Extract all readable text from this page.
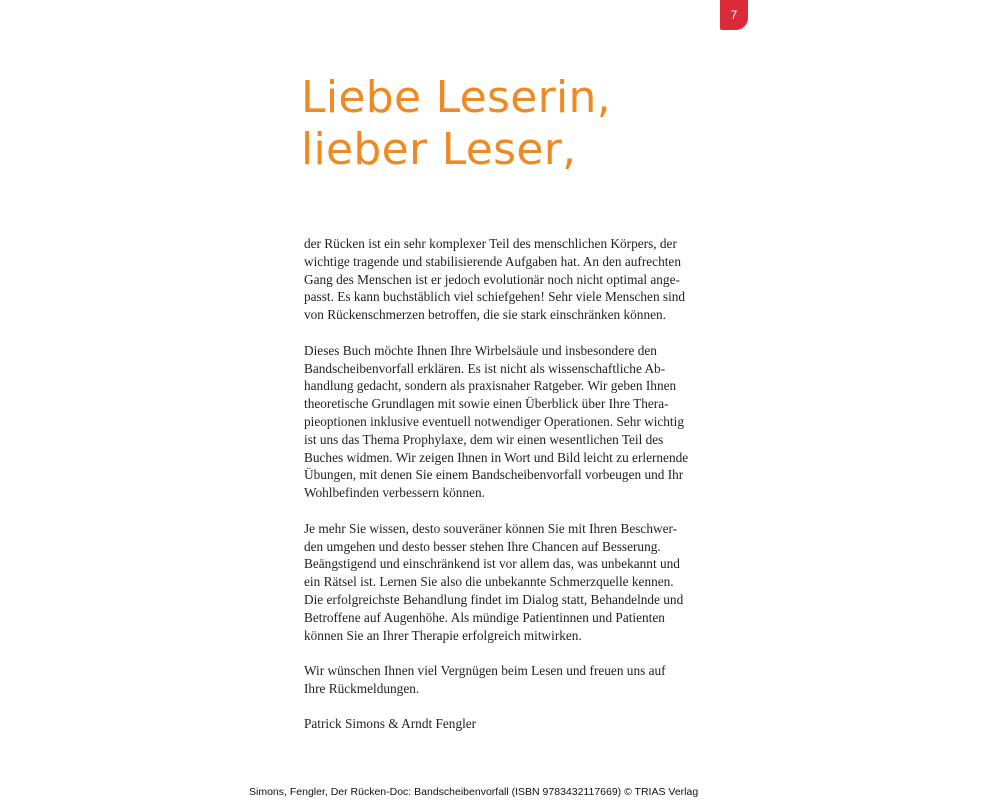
7
Liebe Leserin,
lieber Leser,

der Rücken ist ein sehr komplexer Teil des menschlichen Körpers, der
wichtige tragende und stabilisierende Aufgaben hat. An den aufrechten
Gang des Menschen ist er jedoch evolutionär noch nicht optimal ange-
passt. Es kann buchstäblich viel schiefgehen! Sehr viele Menschen sind
von Rückenschmerzen betroffen, die sie stark einschränken können.

Dieses Buch möchte Ihnen Ihre Wirbelsäule und insbesondere den
Bandscheibenvorfall erklären. Es ist nicht als wissenschaftliche Ab-
handlung gedacht, sondern als praxisnaher Ratgeber. Wir geben Ihnen
theoretische Grundlagen mit sowie einen Überblick über Ihre Thera-
pieoptionen inklusive eventuell notwendiger Operationen. Sehr wichtig
ist uns das Thema Prophylaxe, dem wir einen wesentlichen Teil des
Buches widmen. Wir zeigen Ihnen in Wort und Bild leicht zu erlernende
Übungen, mit denen Sie einem Bandscheibenvorfall vorbeugen und Ihr
Wohlbefinden verbessern können.

Je mehr Sie wissen, desto souveräner können Sie mit Ihren Beschwer-
den umgehen und desto besser stehen Ihre Chancen auf Besserung.
Beängstigend und einschränkend ist vor allem das, was unbekannt und
ein Rätsel ist. Lernen Sie also die unbekannte Schmerzquelle kennen.
Die erfolgreichste Behandlung findet im Dialog statt, Behandelnde und
Betroffene auf Augenhöhe. Als mündige Patientinnen und Patienten
können Sie an Ihrer Therapie erfolgreich mitwirken.

Wir wünschen Ihnen viel Vergnügen beim Lesen und freuen uns auf
Ihre Rückmeldungen.

Patrick Simons & Arndt Fengler
Simons, Fengler, Der Rücken-Doc: Bandscheibenvorfall (ISBN 9783432117669) © TRIAS Verlag
